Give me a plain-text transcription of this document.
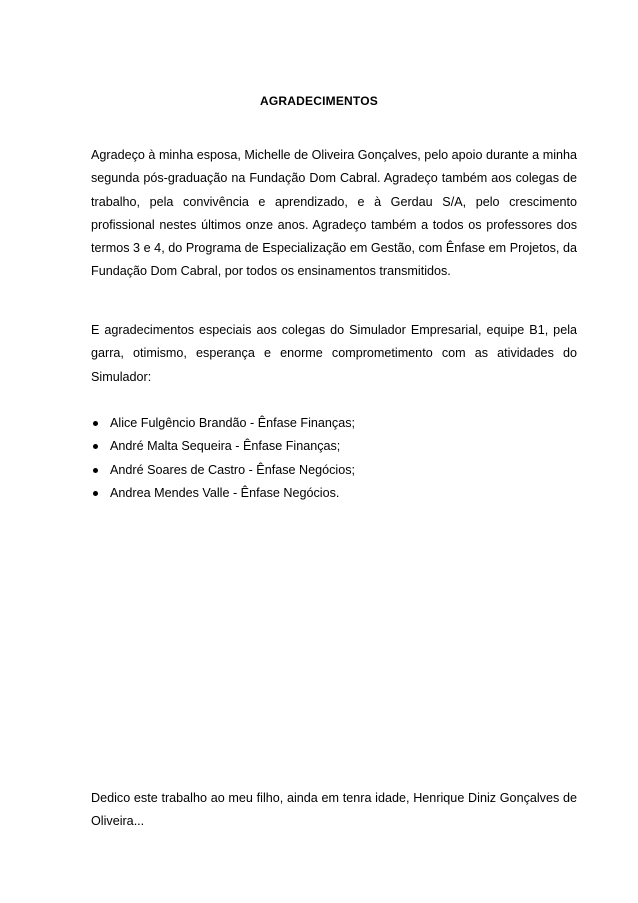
AGRADECIMENTOS

Agradeço à minha esposa, Michelle de Oliveira Gonçalves, pelo apoio durante a minha segunda pós-graduação na Fundação Dom Cabral. Agradeço também aos colegas de trabalho, pela convivência e aprendizado, e à Gerdau S/A, pelo crescimento profissional nestes últimos onze anos. Agradeço também a todos os professores dos termos 3 e 4, do Programa de Especialização em Gestão, com Ênfase em Projetos, da Fundação Dom Cabral, por todos os ensinamentos transmitidos.

E agradecimentos especiais aos colegas do Simulador Empresarial, equipe B1, pela garra, otimismo, esperança e enorme comprometimento com as atividades do Simulador:

Alice Fulgêncio Brandão - Ênfase Finanças;
André Malta Sequeira - Ênfase Finanças;
André Soares de Castro - Ênfase Negócios;
Andrea Mendes Valle - Ênfase Negócios.

Dedico este trabalho ao meu filho, ainda em tenra idade, Henrique Diniz Gonçalves de Oliveira...
